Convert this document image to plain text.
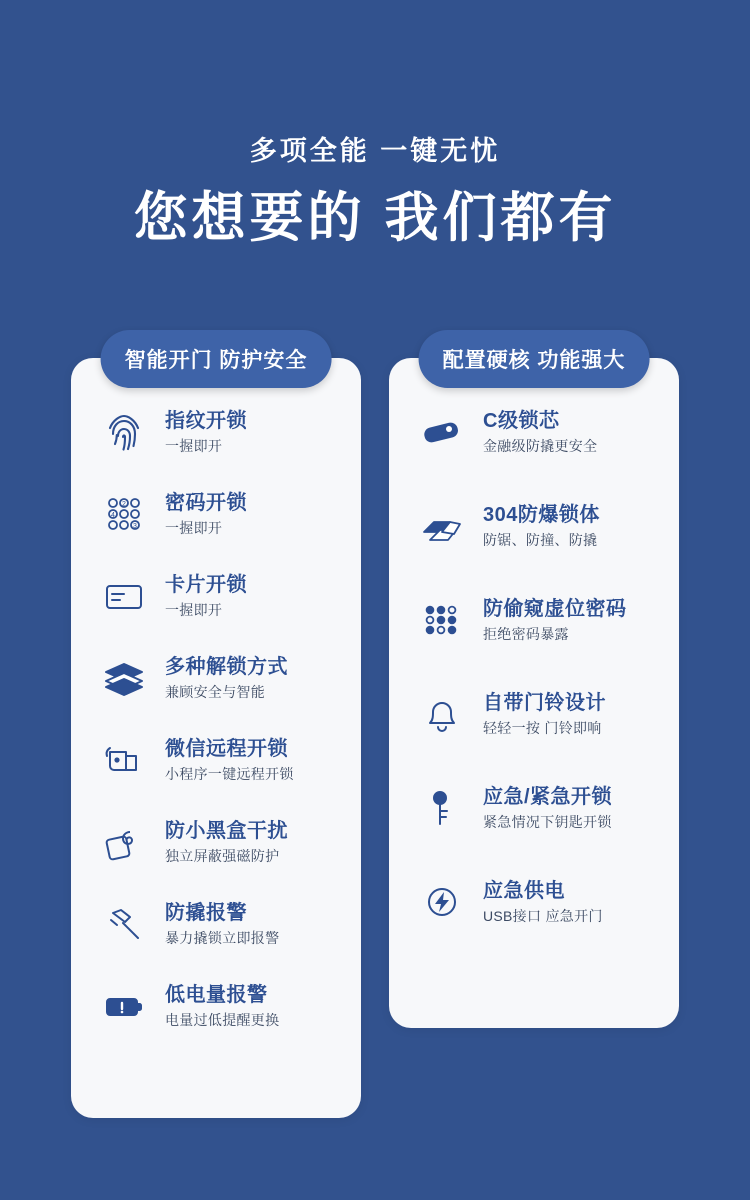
多项全能 一键无忧
您想要的 我们都有
智能开门 防护安全
指纹开锁
一握即开
2
4
3
密码开锁
一握即开
卡片开锁
一握即开
多种解锁方式
兼顾安全与智能
微信远程开锁
小程序一键远程开锁
防小黑盒干扰
独立屏蔽强磁防护
防撬报警
暴力撬锁立即报警
低电量报警
电量过低提醒更换
配置硬核 功能强大
C级锁芯
金融级防撬更安全
304防爆锁体
防锯、防撞、防撬
防偷窥虚位密码
拒绝密码暴露
自带门铃设计
轻轻一按 门铃即响
应急/紧急开锁
紧急情况下钥匙开锁
应急供电
USB接口 应急开门
